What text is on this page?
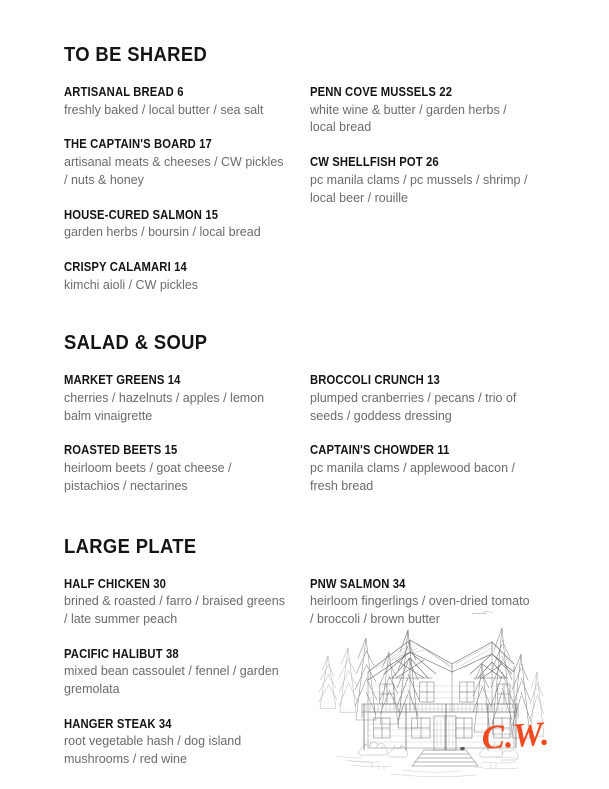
TO BE SHARED
ARTISANAL BREAD 6
freshly baked / local butter / sea salt
THE CAPTAIN'S BOARD 17
artisanal meats & cheeses / CW pickles / nuts & honey
HOUSE-CURED SALMON 15
garden herbs / boursin / local bread
CRISPY CALAMARI 14
kimchi aioli / CW pickles
PENN COVE MUSSELS 22
white wine & butter / garden herbs / local bread
CW SHELLFISH POT 26
pc manila clams / pc mussels / shrimp / local beer / rouille
SALAD & SOUP
MARKET GREENS 14
cherries / hazelnuts / apples / lemon balm vinaigrette
ROASTED BEETS 15
heirloom beets / goat cheese / pistachios / nectarines
BROCCOLI CRUNCH 13
plumped cranberries / pecans / trio of seeds / goddess dressing
CAPTAIN'S CHOWDER 11
pc manila clams / applewood bacon / fresh bread
LARGE PLATE
HALF CHICKEN 30
brined & roasted / farro / braised greens / late summer peach
PACIFIC HALIBUT 38
mixed bean cassoulet / fennel / garden gremolata
HANGER STEAK 34
root vegetable hash / dog island mushrooms / red wine
PNW SALMON 34
heirloom fingerlings / oven-dried tomato / broccoli / brown butter
C.W.
